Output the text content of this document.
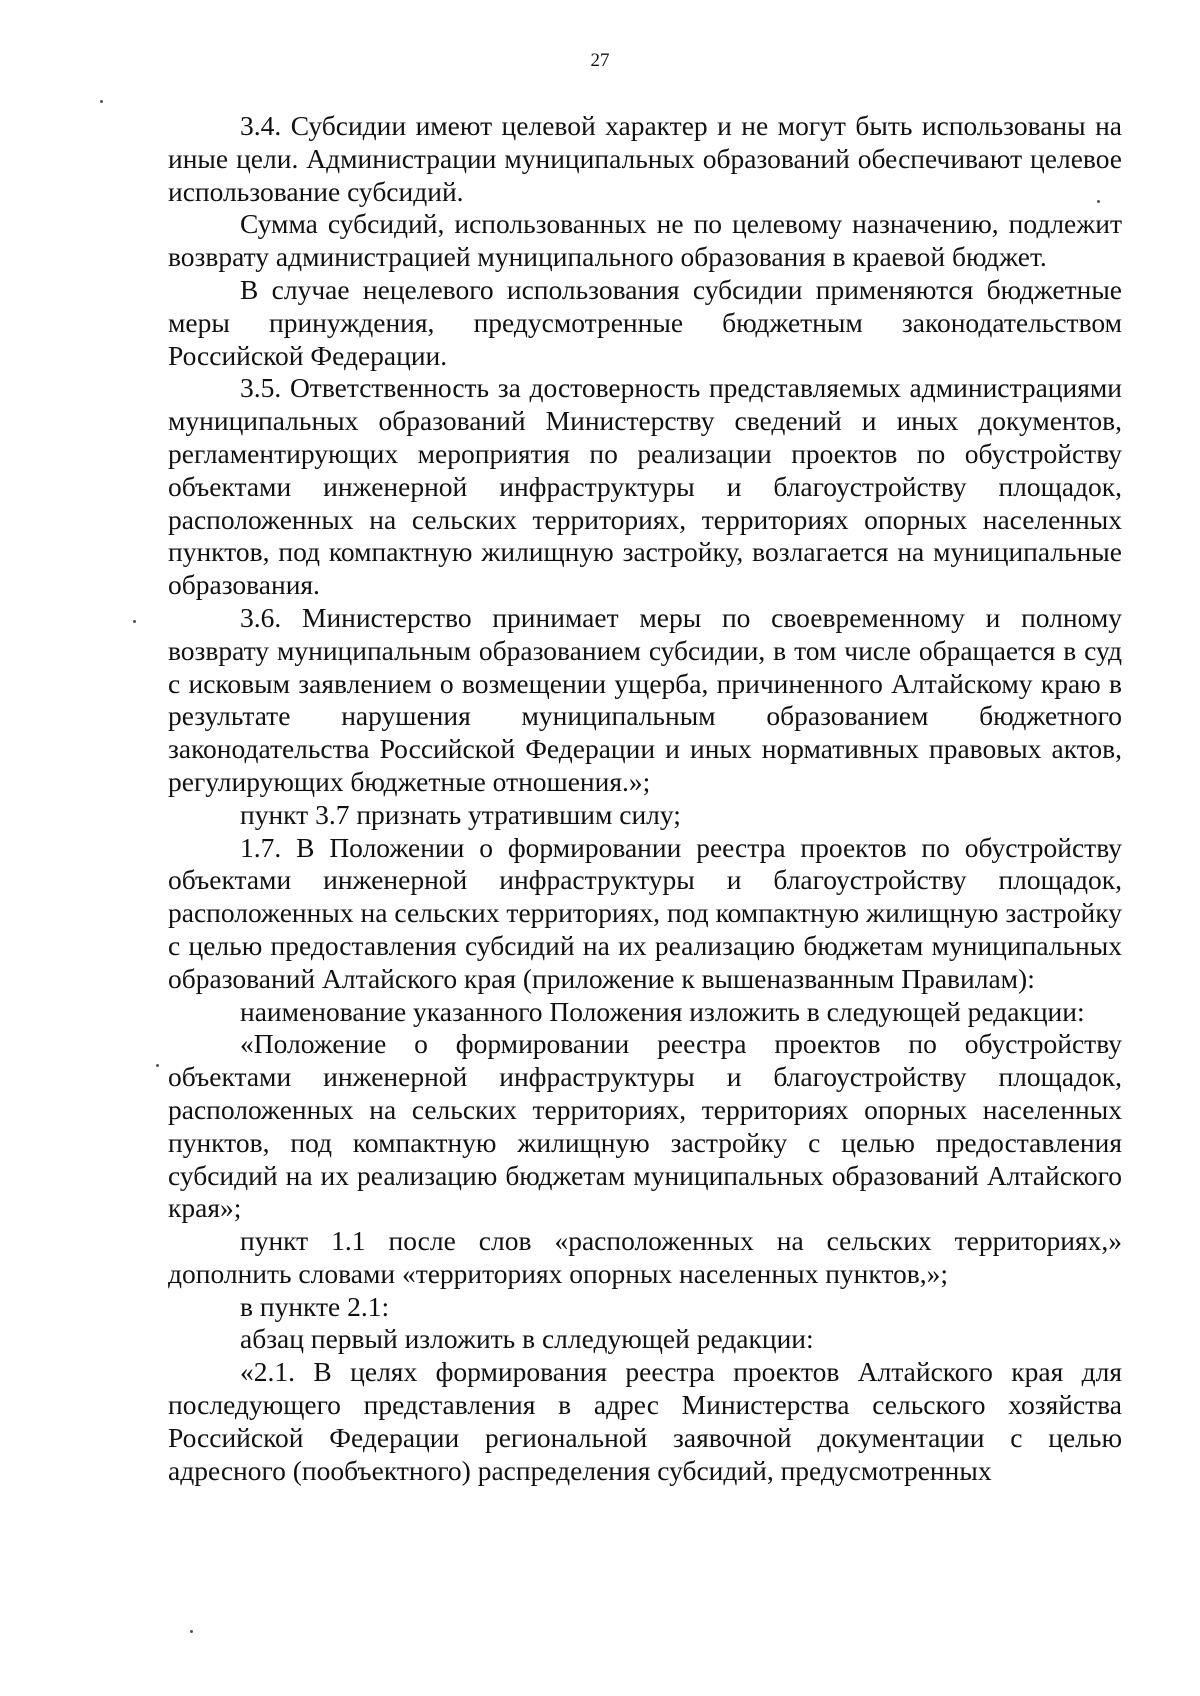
27

3.4. Субсидии имеют целевой характер и не могут быть использованы на иные цели. Администрации муниципальных образований обеспечивают целевое использование субсидий.

Сумма субсидий, использованных не по целевому назначению, подлежит возврату администрацией муниципального образования в краевой бюджет.

В случае нецелевого использования субсидии применяются бюджетные меры принуждения, предусмотренные бюджетным законодательством Российской Федерации.

3.5. Ответственность за достоверность представляемых администрациями муниципальных образований Министерству сведений и иных документов, регламентирующих мероприятия по реализации проектов по обустройству объектами инженерной инфраструктуры и благоустройству площадок, расположенных на сельских территориях, территориях опорных населенных пунктов, под компактную жилищную застройку, возлагается на муниципальные образования.

3.6. Министерство принимает меры по своевременному и полному возврату муниципальным образованием субсидии, в том числе обращается в суд с исковым заявлением о возмещении ущерба, причиненного Алтайскому краю в результате нарушения муниципальным образованием бюджетного законодательства Российской Федерации и иных нормативных правовых актов, регулирующих бюджетные отношения.»;

пункт 3.7 признать утратившим силу;

1.7. В Положении о формировании реестра проектов по обустройству объектами инженерной инфраструктуры и благоустройству площадок, расположенных на сельских территориях, под компактную жилищную застройку с целью предоставления субсидий на их реализацию бюджетам муниципальных образований Алтайского края (приложение к вышеназванным Правилам):

наименование указанного Положения изложить в следующей редакции:

«Положение о формировании реестра проектов по обустройству объектами инженерной инфраструктуры и благоустройству площадок, расположенных на сельских территориях, территориях опорных населенных пунктов, под компактную жилищную застройку с целью предоставления субсидий на их реализацию бюджетам муниципальных образований Алтайского края»;

пункт 1.1 после слов «расположенных на сельских территориях,» дополнить словами «территориях опорных населенных пунктов,»;

в пункте 2.1:

абзац первый изложить в слледующей редакции:

«2.1. В целях формирования реестра проектов Алтайского края для последующего представления в адрес Министерства сельского хозяйства Российской Федерации региональной заявочной документации с целью адресного (пообъектного) распределения субсидий, предусмотренных
